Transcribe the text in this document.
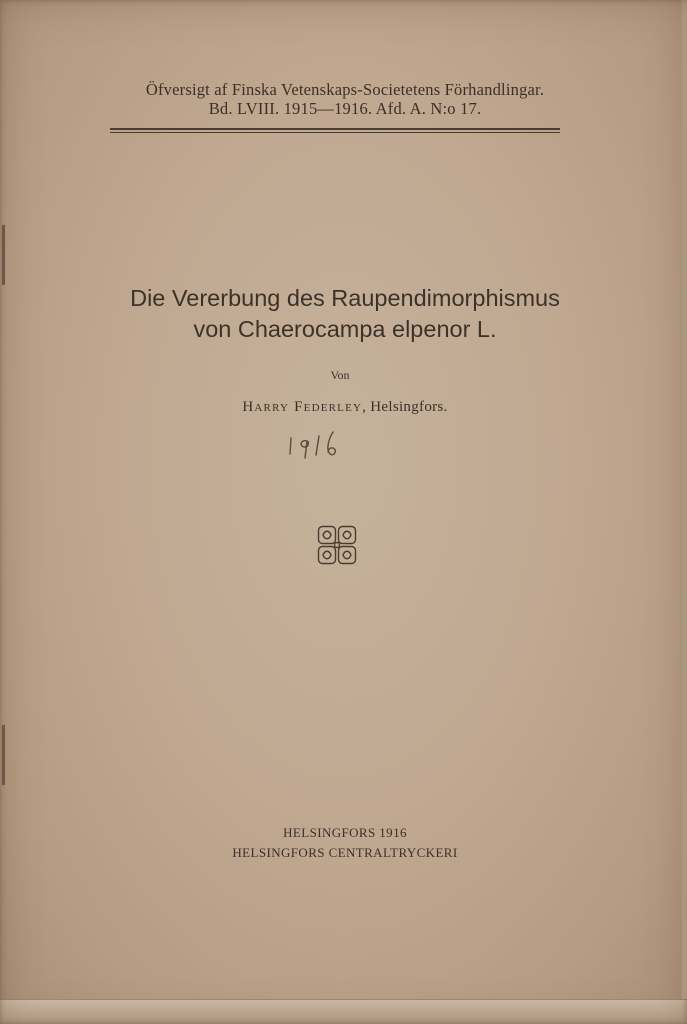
Öfversigt af Finska Vetenskaps-Societetens Förhandlingar.
Bd. LVIII. 1915—1916. Afd. A. N:o 17.
Die Vererbung des Raupendimorphismus
von Chaerocampa elpenor L.
Von
Harry Federley, Helsingfors.
HELSINGFORS 1916
HELSINGFORS CENTRALTRYCKERI
